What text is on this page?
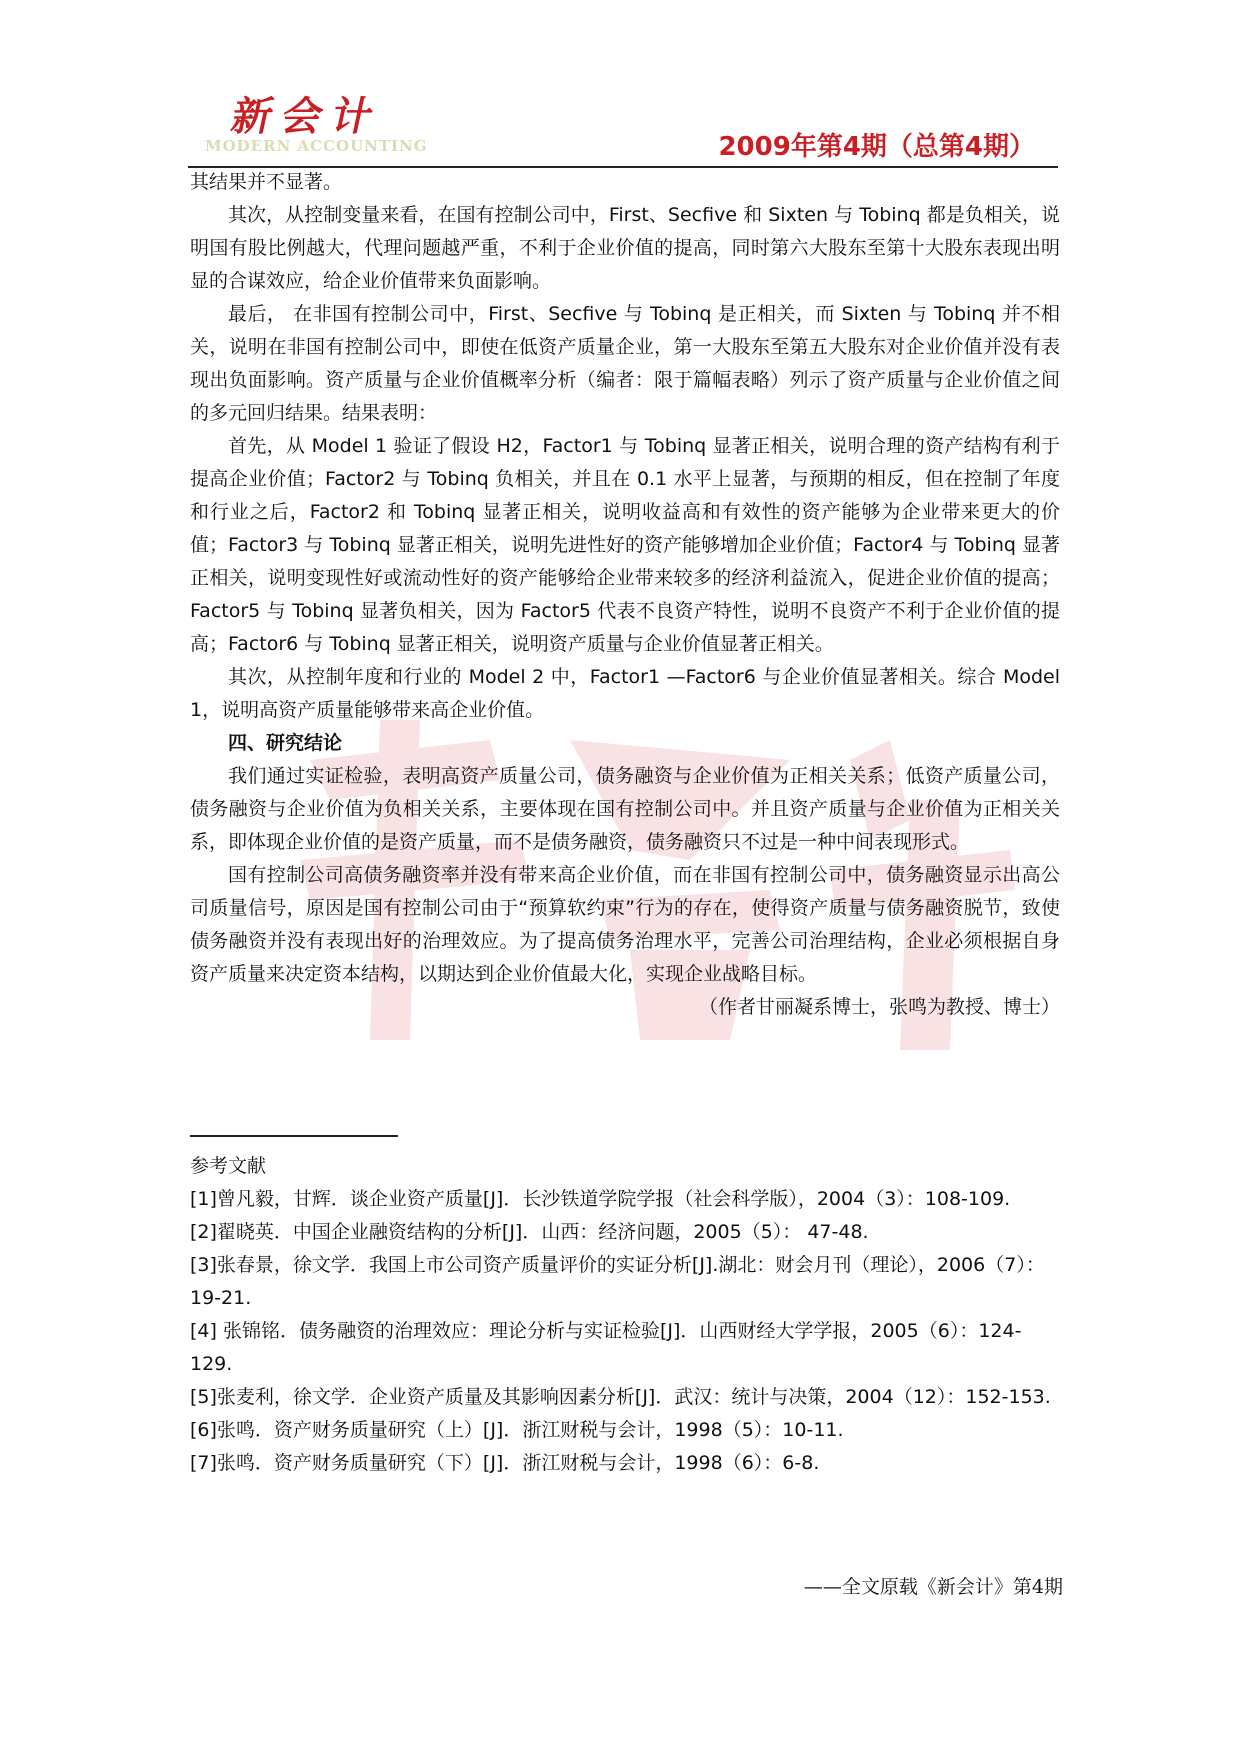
新会计
MODERN ACCOUNTING	2009年第4期（总第4期）

其结果并不显著。

其次，从控制变量来看，在国有控制公司中，First、Secfive 和 Sixten 与 Tobinq 都是负相关，说明国有股比例越大，代理问题越严重，不利于企业价值的提高，同时第六大股东至第十大股东表现出明显的合谋效应，给企业价值带来负面影响。

最后， 在非国有控制公司中，First、Secfive 与 Tobinq 是正相关，而 Sixten 与 Tobinq 并不相关，说明在非国有控制公司中，即使在低资产质量企业，第一大股东至第五大股东对企业价值并没有表现出负面影响。资产质量与企业价值概率分析（编者：限于篇幅表略）列示了资产质量与企业价值之间的多元回归结果。结果表明：

首先，从 Model 1 验证了假设 H2，Factor1 与 Tobinq 显著正相关，说明合理的资产结构有利于提高企业价值；Factor2 与 Tobinq 负相关，并且在 0.1 水平上显著，与预期的相反，但在控制了年度和行业之后，Factor2 和 Tobinq 显著正相关，说明收益高和有效性的资产能够为企业带来更大的价值；Factor3 与 Tobinq 显著正相关，说明先进性好的资产能够增加企业价值；Factor4 与 Tobinq 显著正相关，说明变现性好或流动性好的资产能够给企业带来较多的经济利益流入，促进企业价值的提高；Factor5 与 Tobinq 显著负相关，因为 Factor5 代表不良资产特性，说明不良资产不利于企业价值的提高；Factor6 与 Tobinq 显著正相关，说明资产质量与企业价值显著正相关。

其次，从控制年度和行业的 Model 2 中，Factor1 —Factor6 与企业价值显著相关。综合 Model 1，说明高资产质量能够带来高企业价值。

四、研究结论

我们通过实证检验，表明高资产质量公司，债务融资与企业价值为正相关关系；低资产质量公司，债务融资与企业价值为负相关关系，主要体现在国有控制公司中。并且资产质量与企业价值为正相关关系，即体现企业价值的是资产质量，而不是债务融资，债务融资只不过是一种中间表现形式。

国有控制公司高债务融资率并没有带来高企业价值，而在非国有控制公司中，债务融资显示出高公司质量信号，原因是国有控制公司由于“预算软约束”行为的存在，使得资产质量与债务融资脱节，致使债务融资并没有表现出好的治理效应。为了提高债务治理水平，完善公司治理结构，企业必须根据自身资产质量来决定资本结构，以期达到企业价值最大化，实现企业战略目标。

（作者甘丽凝系博士，张鸣为教授、博士）

参考文献

[1]曾凡毅，甘辉．谈企业资产质量[J]．长沙铁道学院学报（社会科学版），2004（3）：108-109.

[2]翟晓英．中国企业融资结构的分析[J]．山西：经济问题，2005（5）： 47-48.

[3]张春景，徐文学．我国上市公司资产质量评价的实证分析[J].湖北：财会月刊（理论），2006（7）： 19-21.

[4] 张锦铭．债务融资的治理效应：理论分析与实证检验[J]．山西财经大学学报，2005（6）：124-129.

[5]张麦利，徐文学．企业资产质量及其影响因素分析[J]．武汉：统计与决策，2004（12）：152-153.

[6]张鸣．资产财务质量研究（上）[J]．浙江财税与会计，1998（5）：10-11.

[7]张鸣．资产财务质量研究（下）[J]．浙江财税与会计，1998（6）：6-8.

——全文原载《新会计》第4期
